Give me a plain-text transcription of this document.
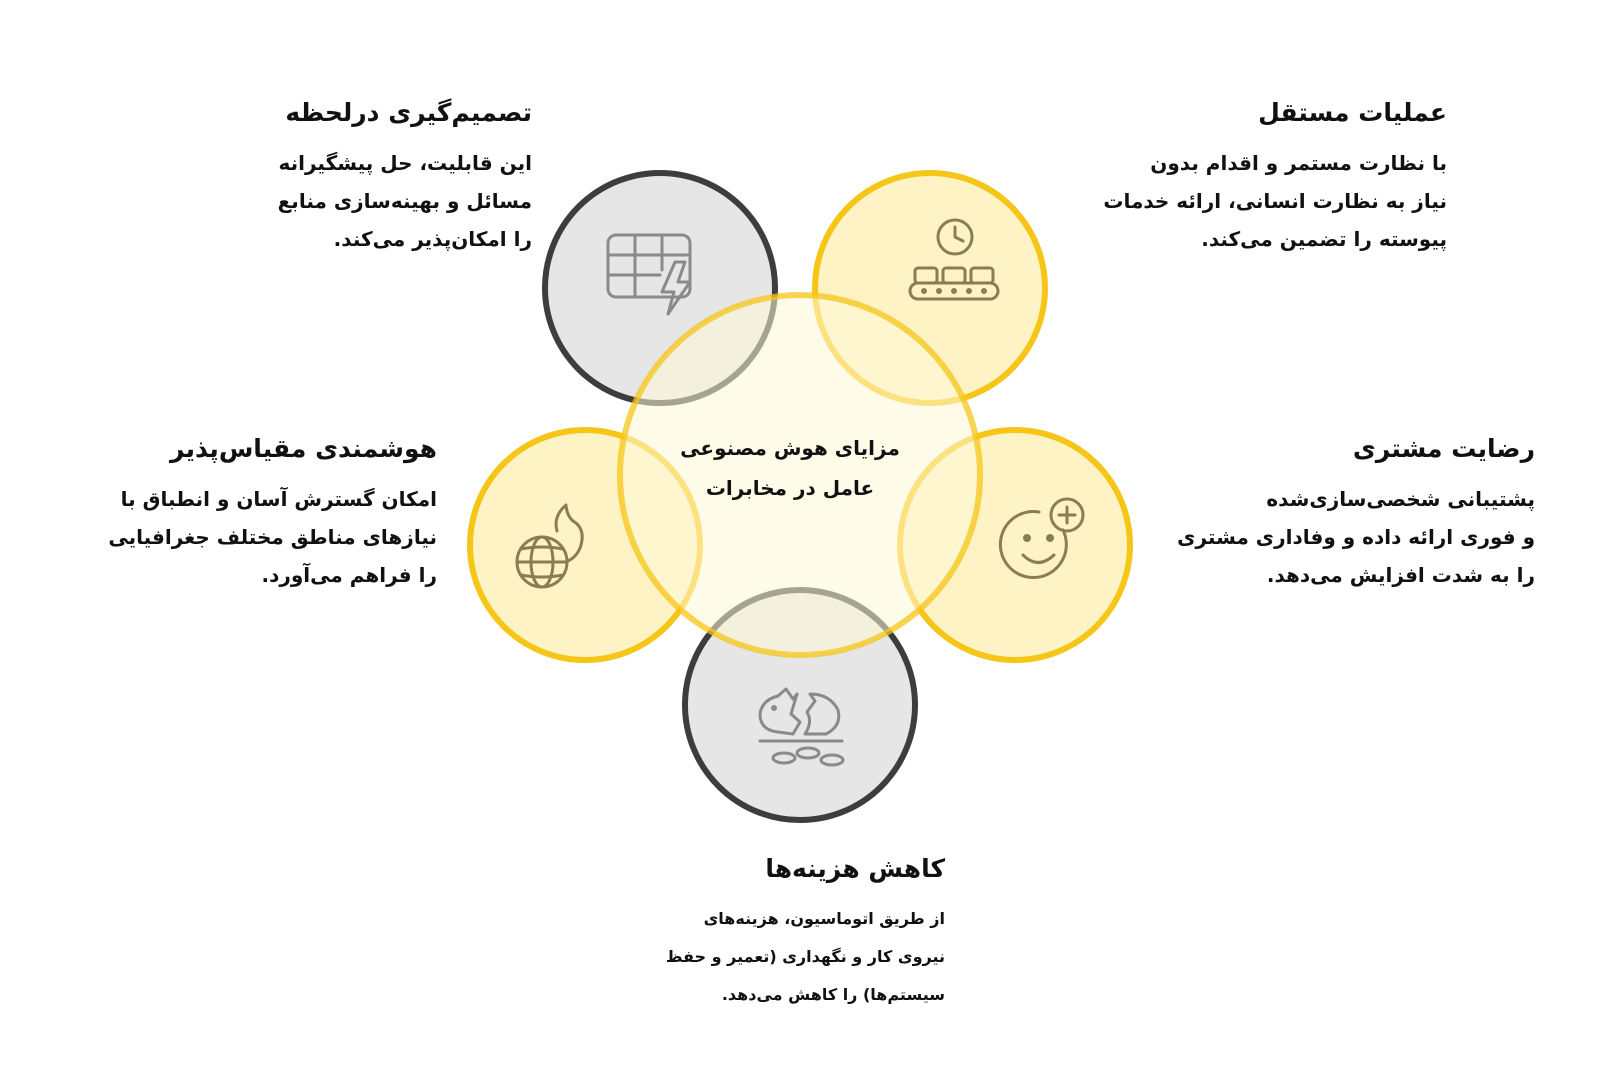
مزایای هوش مصنوعی
عامل در مخابرات
تصمیم‌گیری درلحظه
این قابلیت، حل پیشگیرانه
مسائل و بهینه‌سازی منابع
را امکان‌پذیر می‌کند.
عملیات مستقل
با نظارت مستمر و اقدام بدون
نیاز به نظارت انسانی، ارائه خدمات
پیوسته را تضمین می‌کند.
هوشمندی مقیاس‌پذیر
امکان گسترش آسان و انطباق با
نیازهای مناطق مختلف جغرافیایی
را فراهم می‌آورد.
رضایت مشتری
پشتیبانی شخصی‌سازی‌شده
و فوری ارائه داده و وفاداری مشتری
را به شدت افزایش می‌دهد.
کاهش هزینه‌ها
از طریق اتوماسیون، هزینه‌های
نیروی کار و نگهداری (تعمیر و حفظ
سیستم‌ها) را کاهش می‌دهد.
